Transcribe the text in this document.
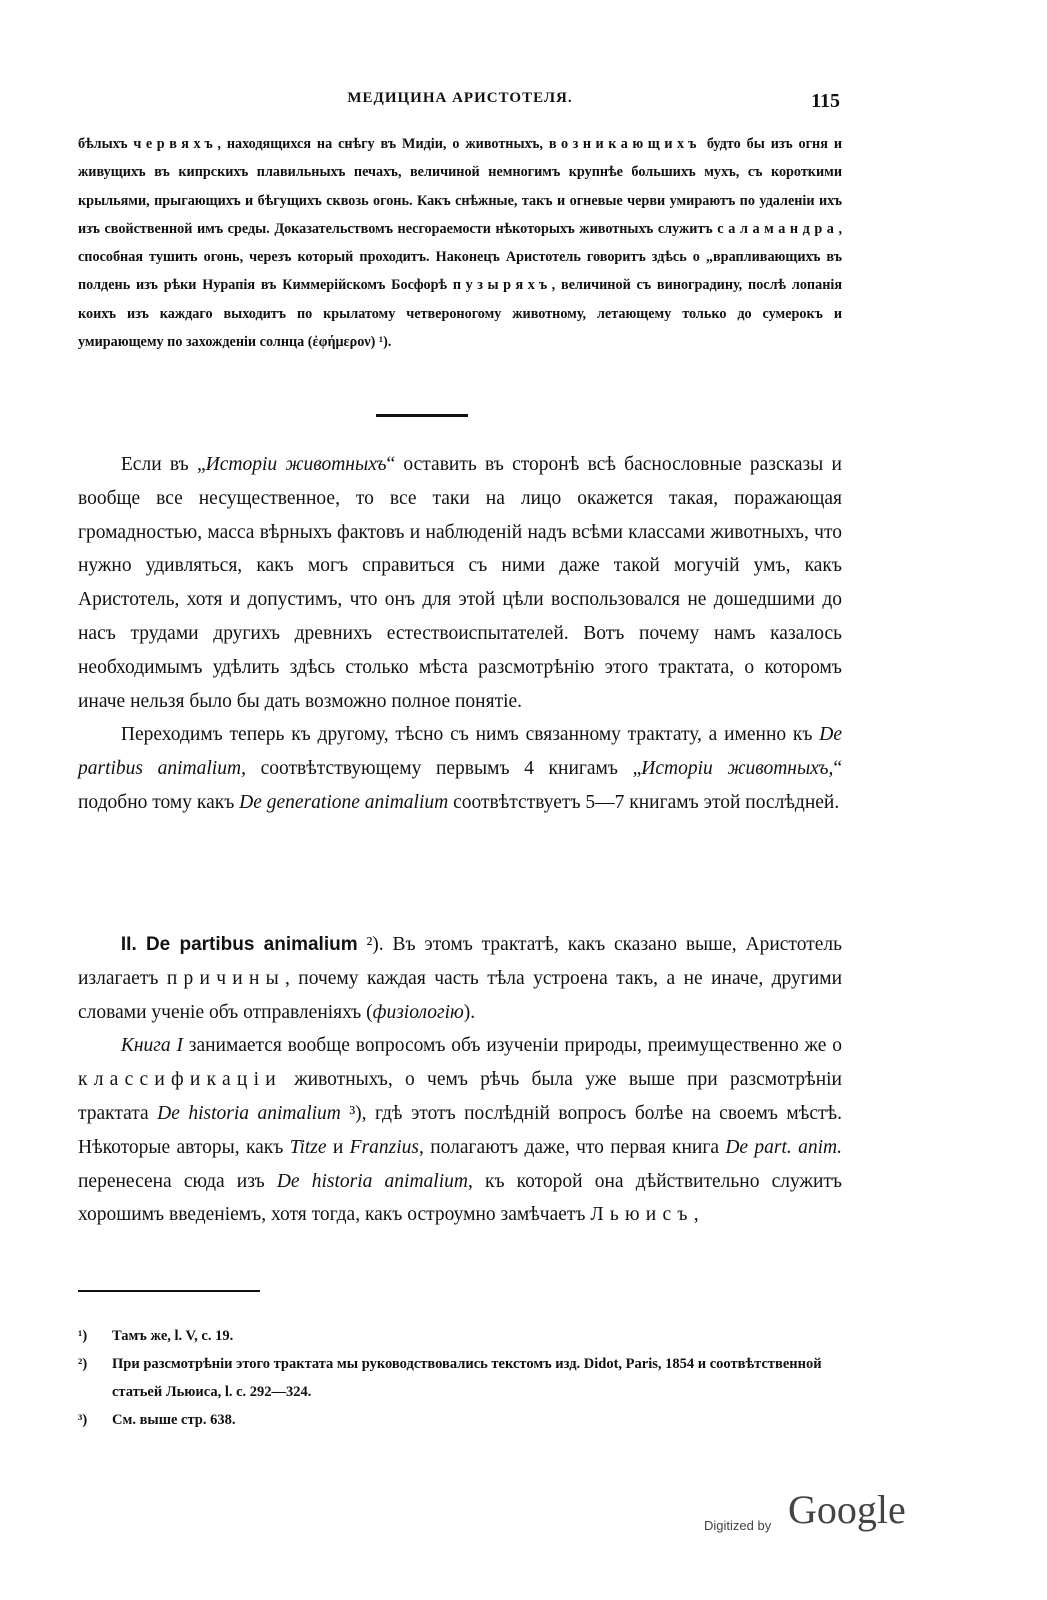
МЕДИЦИНА АРИСТОТЕЛЯ.	115

бѣлыхъ червяхъ, находящихся на снѣгу въ Мидіи, о животныхъ, возникающихъ будто бы изъ огня и живущихъ въ кипрскихъ плавильныхъ печахъ, величиной немногимъ крупнѣе большихъ мухъ, съ короткими крыльями, прыгающихъ и бѣгущихъ сквозь огонь. Какъ снѣжные, такъ и огневые черви умираютъ по удаленіи ихъ изъ свойственной имъ среды. Доказательствомъ несгораемости нѣкоторыхъ животныхъ служитъ саламандра, способная тушить огонь, черезъ который проходитъ. Наконецъ Аристотель говоритъ здѣсь о „врапливающихъ въ полдень изъ рѣки Нурапія въ Киммерійскомъ Босфорѣ пузыряхъ, величиной съ виноградину, послѣ лопанія коихъ изъ каждаго выходитъ по крылатому четвероногому животному, летающему только до сумерокъ и умирающему по захожденіи солнца (ἐφήμερον) ¹).

Если въ „Исторіи животныхъ“ оставить въ сторонѣ всѣ баснословные разсказы и вообще все несущественное, то все таки на лицо окажется такая, поражающая громадностью, масса вѣрныхъ фактовъ и наблюденій надъ всѣми классами животныхъ, что нужно удивляться, какъ могъ справиться съ ними даже такой могучій умъ, какъ Аристотель, хотя и допустимъ, что онъ для этой цѣли воспользовался не дошедшими до насъ трудами другихъ древнихъ естествоиспытателей. Вотъ почему намъ казалось необходимымъ удѣлить здѣсь столько мѣста разсмотрѣнію этого трактата, о которомъ иначе нельзя было бы дать возможно полное понятіе.

Переходимъ теперь къ другому, тѣсно съ нимъ связанному трактату, а именно къ De partibus animalium, соотвѣтствующему первымъ 4 книгамъ „Исторіи животныхъ,“ подобно тому какъ De generatione animalium соотвѣтствуетъ 5—7 книгамъ этой послѣдней.

II. De partibus animalium ²). Въ этомъ трактатѣ, какъ сказано выше, Аристотель излагаетъ причины, почему каждая часть тѣла устроена такъ, а не иначе, другими словами ученіе объ отправленіяхъ (физіологію).

Книга I занимается вообще вопросомъ объ изученіи природы, преимущественно же о классификаціи животныхъ, о чемъ рѣчь была уже выше при разсмотрѣніи трактата De historia animalium ³), гдѣ этотъ послѣдній вопросъ болѣе на своемъ мѣстѣ. Нѣкоторые авторы, какъ Titze и Franzius, полагаютъ даже, что первая книга De part. anim. перенесена сюда изъ De historia animalium, къ которой она дѣйствительно служитъ хорошимъ введеніемъ, хотя тогда, какъ остроумно замѣчаетъ Льюисъ,

¹) Тамъ же, l. V, c. 19.

²) При разсмотрѣніи этого трактата мы руководствовались текстомъ изд. Didot, Paris, 1854 и соотвѣтственной статьей Льюиса, l. c. 292—324.

³) См. выше стр. 638.

Digitized by Google
